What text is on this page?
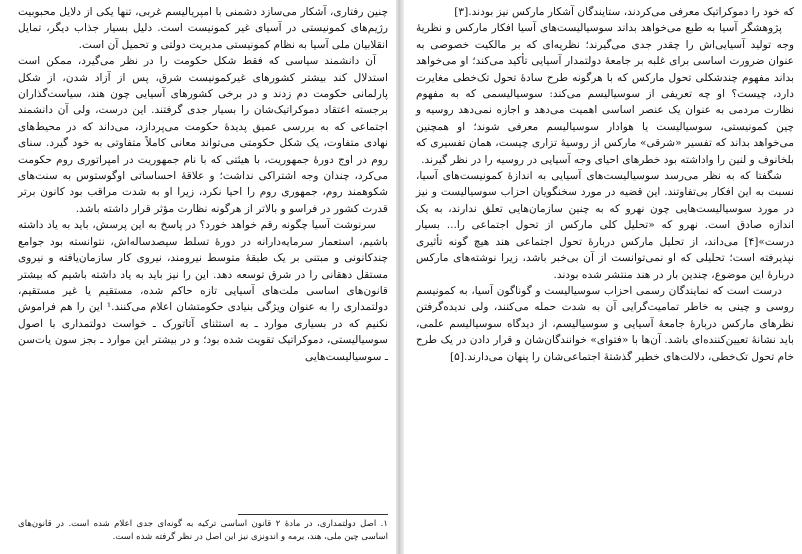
چنین رفتاری، آشکار می‌سازد دشمنی با امپریالیسم غربی، تنها یکی از دلایل محبوبیت رژیم‌های کمونیستی در آسیای غیر کمونیست است. دلیل بسیار جذاب دیگر، تمایل انقلابیان ملی آسیا به نظام کمونیستی مدیریت دولتی و تحمیل آن است.

آن دانشمند سیاسی که فقط شکل حکومت را در نظر می‌گیرد، ممکن است استدلال کند بیشتر کشورهای غیرکمونیست شرق، پس از آزاد شدن، از شکل پارلمانی حکومت دم زدند و در برخی کشورهای آسیایی چون هند، سیاست‌گذاران برجسته اعتقاد دموکراتیک‌شان را بسیار جدی گرفتند. این درست، ولی آن دانشمند اجتماعی که به بررسی عمیق پدیدهٔ حکومت می‌پردازد، می‌داند که در محیط‌های نهادی متفاوت، یک شکل حکومتی می‌تواند معانی کاملاً متفاوتی به خود گیرد. سنای روم در اوج دورهٔ جمهوریت، با هیئتی که با نام جمهوریت در امپراتوری روم حکومت می‌کرد، چندان وجه اشتراکی نداشت؛ و علاقهٔ احساساتی اوگوستوس به سنت‌های شکوهمند روم، جمهوری روم را احیا نکرد، زیرا او به شدت مراقب بود کانون برتر قدرت کشور در فراسو و بالاتر از هرگونه نظارت مؤثر قرار داشته باشد.

سرنوشت آسیا چگونه رقم خواهد خورد؟ در پاسخ به این پرسش، باید به یاد داشته باشیم، استعمار سرمایه‌دارانه در دورهٔ تسلط سیصدساله‌اش، نتوانسته بود جوامع چندکانونی و مبتنی بر یک طبقهٔ متوسط نیرومند، نیروی کار سازمان‌یافته و نیروی مستقل دهقانی را در شرق توسعه دهد. این را نیز باید به یاد داشته باشیم که بیشتر قانون‌های اساسی ملت‌های آسیایی تازه حاکم شده، مستقیم یا غیر مستقیم، دولتمداری را به عنوان ویژگی بنیادی حکومتشان اعلام می‌کنند.¹ این را هم فراموش نکنیم که در بسیاری موارد ـ به استثنای آتاتورک ـ خواست دولتمداری با اصول سوسیالیستی، دموکراتیک تقویت شده بود؛ و در بیشتر این موارد ـ بجز سون یات‌سن ـ سوسیالیست‌هایی

۱. اصل دولتمداری، در مادهٔ ۲ قانون اساسی ترکیه به گونه‌ای جدی اعلام شده است. در قانون‌های اساسی چین ملی، هند، برمه و اندونزی نیز این اصل در نظر گرفته شده است.

که خود را دموکراتیک معرفی می‌کردند، ستایندگان آشکار مارکس نیز بودند.[۳]

پژوهشگر آسیا به طبع می‌خواهد بداند سوسیالیست‌های آسیا افکار مارکس و نظریهٔ وجه تولید آسیایی‌اش را چقدر جدی می‌گیرند؛ نظریه‌ای که بر مالکیت خصوصی به عنوان ضرورت اساسی برای غلبه بر جامعهٔ دولتمدار آسیایی تأکید می‌کند؛ او می‌خواهد بداند مفهوم چندشکلی تحول مارکس که با هرگونه طرح سادهٔ تحول تک‌خطی مغایرت دارد، چیست؟ او چه تعریفی از سوسیالیسم می‌کند: سوسیالیسمی که به مفهوم نظارت مردمی به عنوان یک عنصر اساسی اهمیت می‌دهد و اجازه نمی‌دهد روسیه و چین کمونیستی، سوسیالیست یا هوادار سوسیالیسم معرفی شوند؛ او همچنین می‌خواهد بداند که تفسیر «شرقی» مارکس از روسیهٔ تزاری چیست، همان تفسیری که بلخانوف و لنین را واداشته بود خطرهای احیای وجه آسیایی در روسیه را در نظر گیرند.

شگفتا که به نظر می‌رسد سوسیالیست‌های آسیایی به اندازهٔ کمونیست‌های آسیا، نسبت به این افکار بی‌تفاوتند. این قضیه در مورد سخنگویان احزاب سوسیالیست و نیز در مورد سوسیالیست‌هایی چون نهرو که به چنین سازمان‌هایی تعلق ندارند، به یک اندازه صادق است. نهرو که «تحلیل کلی مارکس از تحول اجتماعی را... بسیار درست»[۴] می‌داند، از تحلیل مارکس دربارهٔ تحول اجتماعی هند هیچ گونه تأثیری نپذیرفته است؛ تحلیلی که او نمی‌توانست از آن بی‌خبر باشد، زیرا نوشته‌های مارکس دربارهٔ این موضوع، چندین بار در هند منتشر شده بودند.

درست است که نمایندگان رسمی احزاب سوسیالیست و گوناگون آسیا، به کمونیسم روسی و چینی به خاطر تمامیت‌گرایی آن به شدت حمله می‌کنند، ولی ندیده‌گرفتن نظرهای مارکس دربارهٔ جامعهٔ آسیایی و سوسیالیسم، از دیدگاه سوسیالیسم علمی، باید نشانهٔ تعیین‌کننده‌ای باشد. آن‌ها با «فتوای» خوانندگان‌شان و قرار دادن در یک طرح خام تحول تک‌خطی، دلالت‌های خطیر گذشتهٔ اجتماعی‌شان را پنهان می‌دارند.[۵]
